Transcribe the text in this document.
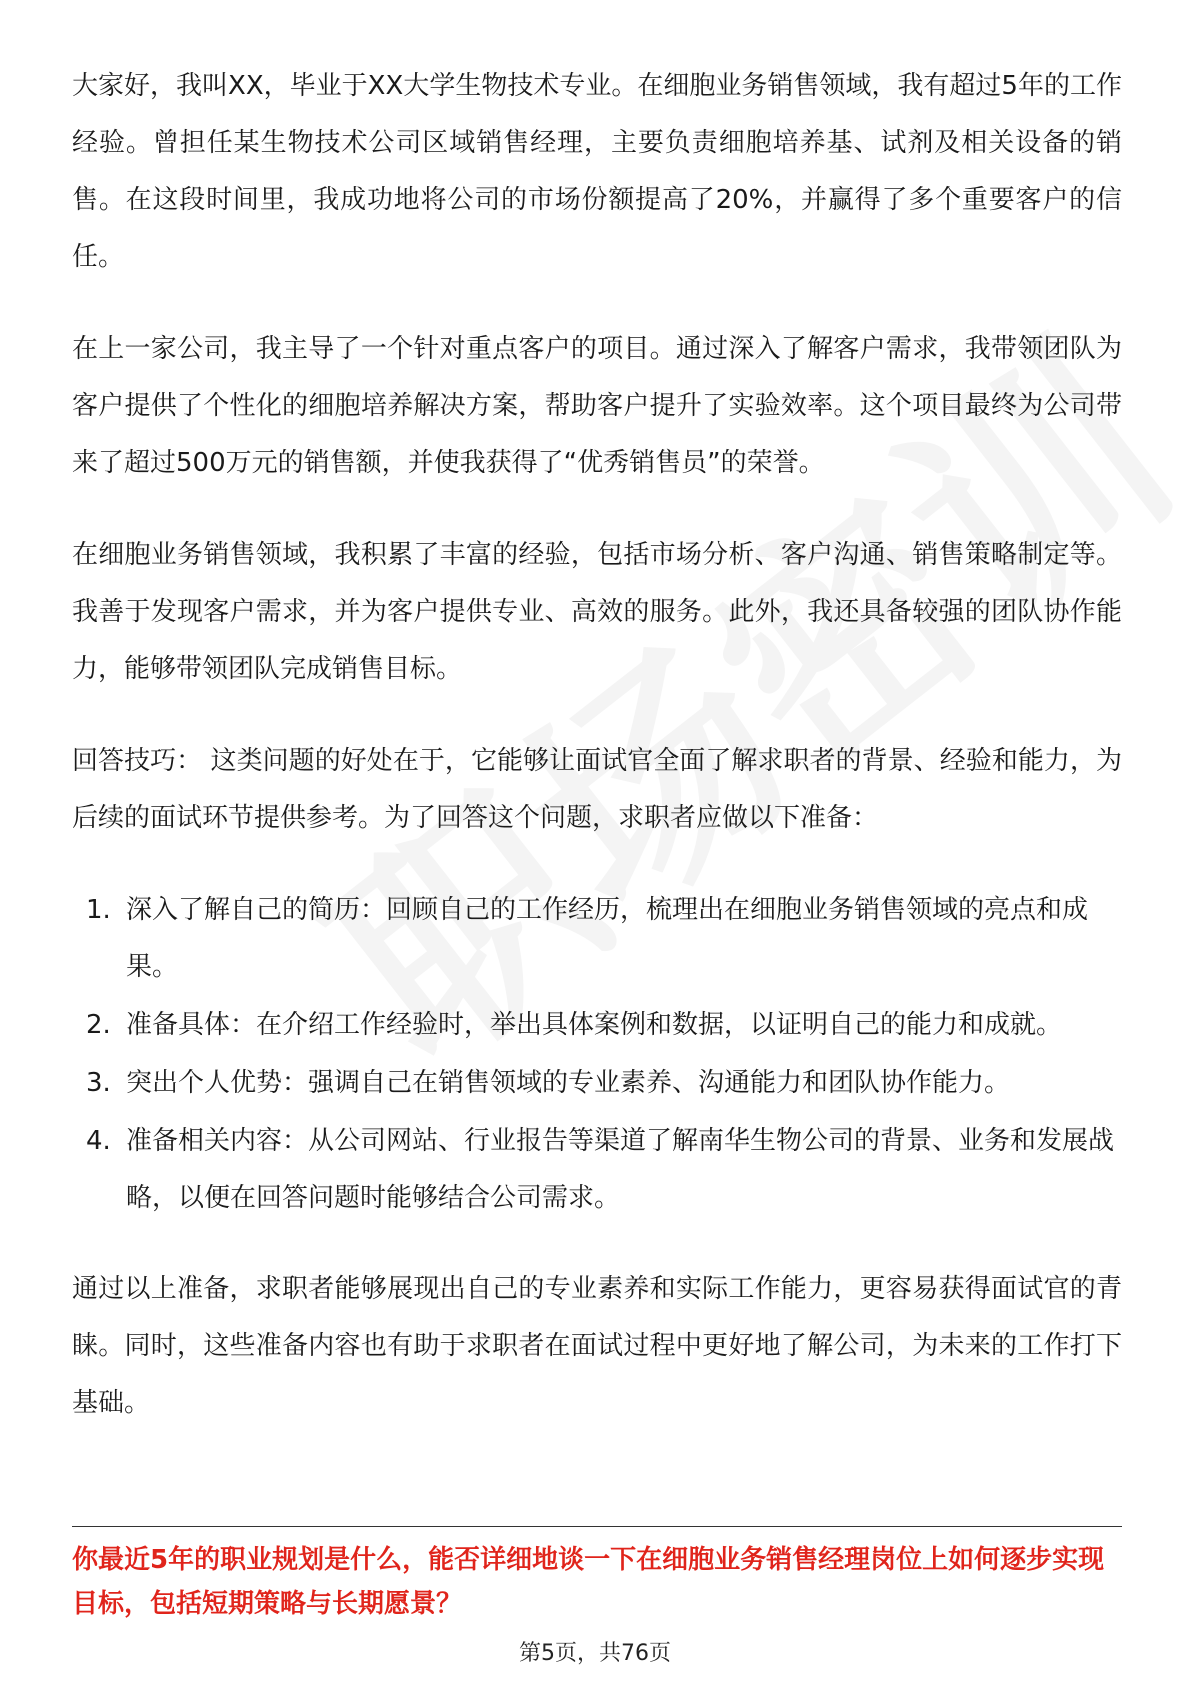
大家好，我叫XX，毕业于XX大学生物技术专业。在细胞业务销售领域，我有超过5年的工作经验。曾担任某生物技术公司区域销售经理，主要负责细胞培养基、试剂及相关设备的销售。在这段时间里，我成功地将公司的市场份额提高了20%，并赢得了多个重要客户的信任。

在上一家公司，我主导了一个针对重点客户的项目。通过深入了解客户需求，我带领团队为客户提供了个性化的细胞培养解决方案，帮助客户提升了实验效率。这个项目最终为公司带来了超过500万元的销售额，并使我获得了“优秀销售员”的荣誉。

在细胞业务销售领域，我积累了丰富的经验，包括市场分析、客户沟通、销售策略制定等。我善于发现客户需求，并为客户提供专业、高效的服务。此外，我还具备较强的团队协作能力，能够带领团队完成销售目标。

回答技巧： 这类问题的好处在于，它能够让面试官全面了解求职者的背景、经验和能力，为后续的面试环节提供参考。为了回答这个问题，求职者应做以下准备：

1. 深入了解自己的简历：回顾自己的工作经历，梳理出在细胞业务销售领域的亮点和成果。
2. 准备具体：在介绍工作经验时，举出具体案例和数据，以证明自己的能力和成就。
3. 突出个人优势：强调自己在销售领域的专业素养、沟通能力和团队协作能力。
4. 准备相关内容：从公司网站、行业报告等渠道了解南华生物公司的背景、业务和发展战略，以便在回答问题时能够结合公司需求。

通过以上准备，求职者能够展现出自己的专业素养和实际工作能力，更容易获得面试官的青睐。同时，这些准备内容也有助于求职者在面试过程中更好地了解公司，为未来的工作打下基础。

你最近5年的职业规划是什么，能否详细地谈一下在细胞业务销售经理岗位上如何逐步实现目标，包括短期策略与长期愿景？

第5页，共76页
